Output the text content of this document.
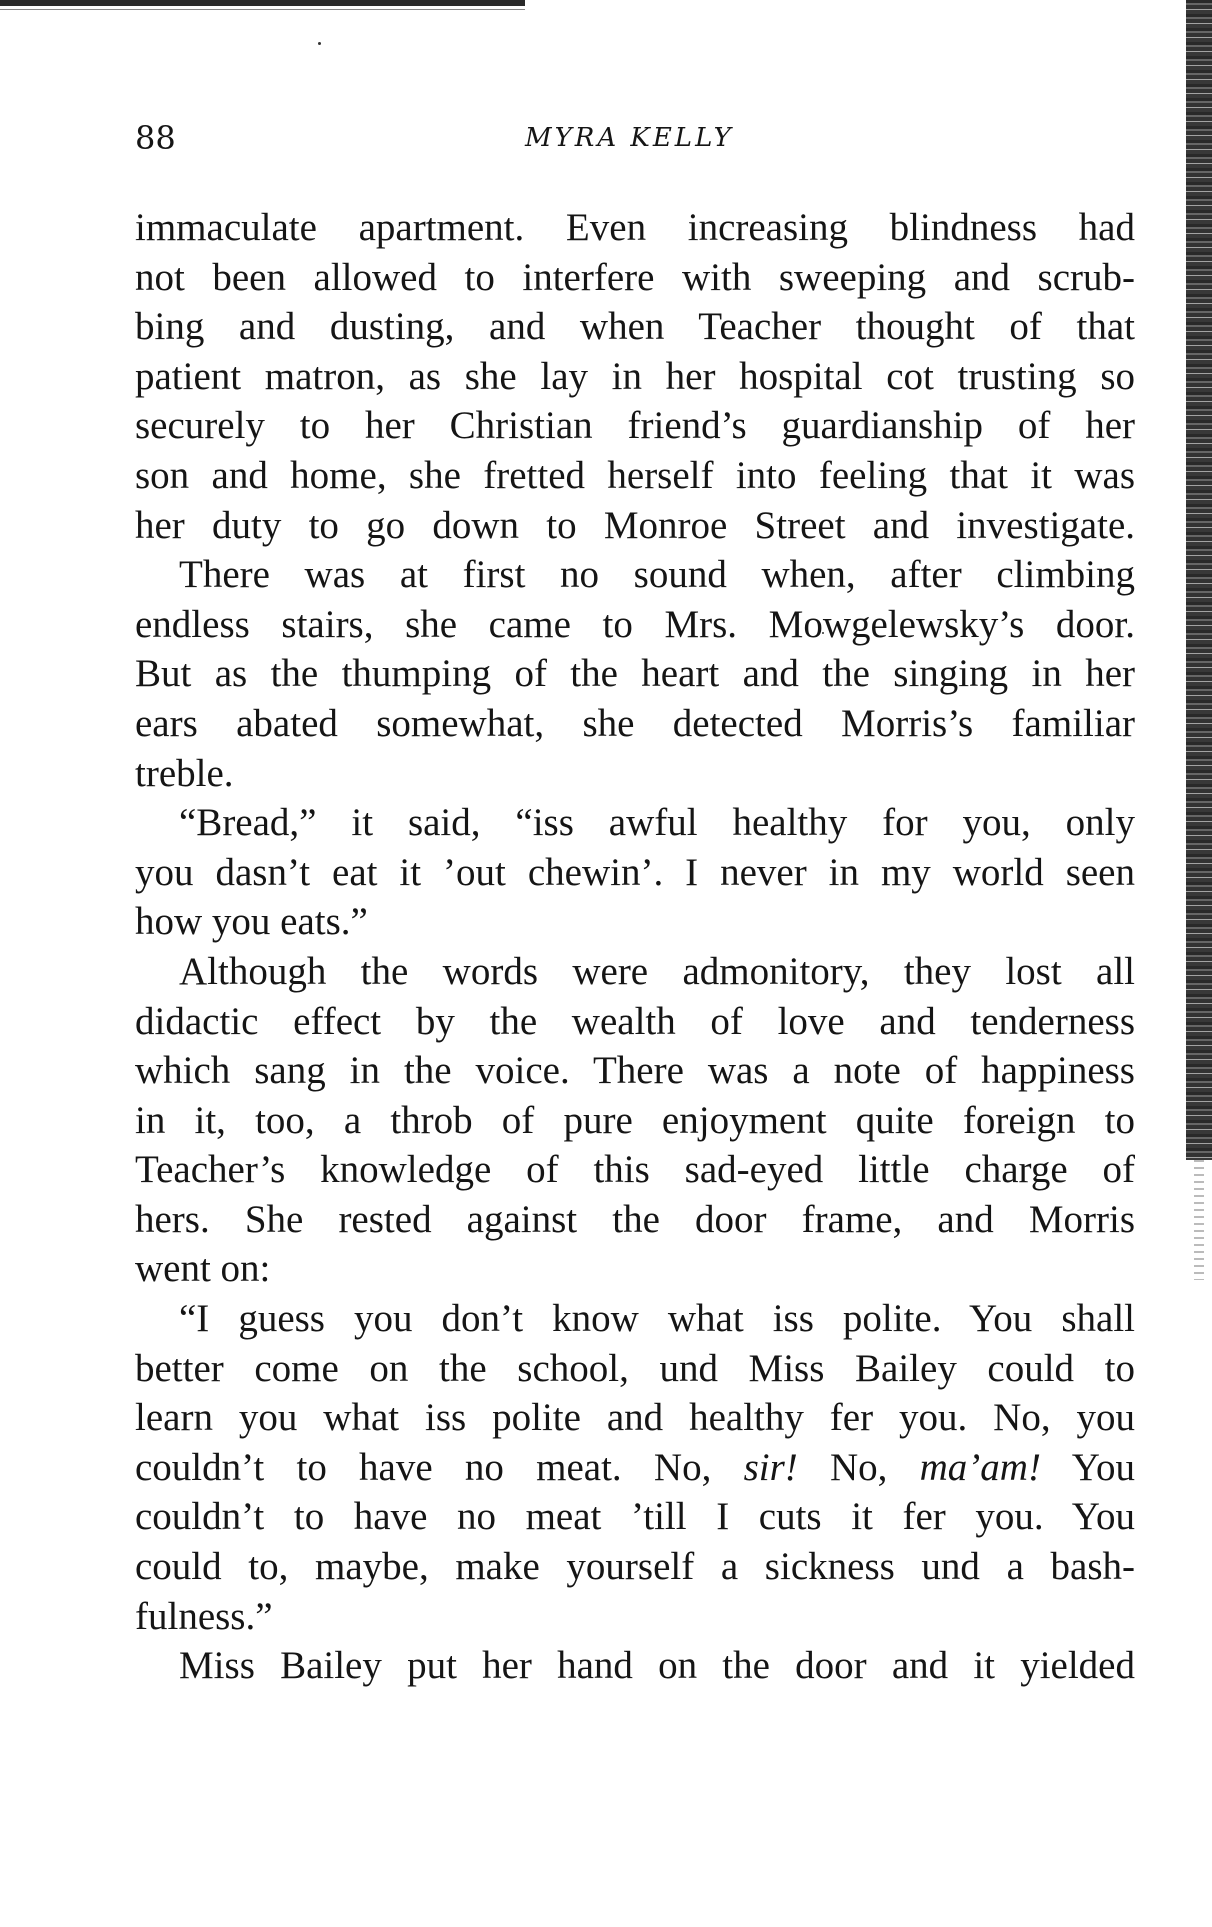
88	MYRA KELLY
immaculate apartment. Even increasing blindness had
not been allowed to interfere with sweeping and scrub-
bing and dusting, and when Teacher thought of that
patient matron, as she lay in her hospital cot trusting so
securely to her Christian friend’s guardianship of her
son and home, she fretted herself into feeling that it was
her duty to go down to Monroe Street and investigate.
There was at first no sound when, after climbing
endless stairs, she came to Mrs. Mowgelewsky’s door.
But as the thumping of the heart and the singing in her
ears abated somewhat, she detected Morris’s familiar
treble.
“Bread,” it said, “iss awful healthy for you, only
you dasn’t eat it ’out chewin’. I never in my world seen
how you eats.”
Although the words were admonitory, they lost all
didactic effect by the wealth of love and tenderness
which sang in the voice. There was a note of happiness
in it, too, a throb of pure enjoyment quite foreign to
Teacher’s knowledge of this sad-eyed little charge of
hers. She rested against the door frame, and Morris
went on:
“I guess you don’t know what iss polite. You shall
better come on the school, und Miss Bailey could to
learn you what iss polite and healthy fer you. No, you
couldn’t to have no meat. No, sir! No, ma’am! You
couldn’t to have no meat ’till I cuts it fer you. You
could to, maybe, make yourself a sickness und a bash-
fulness.”
Miss Bailey put her hand on the door and it yielded
